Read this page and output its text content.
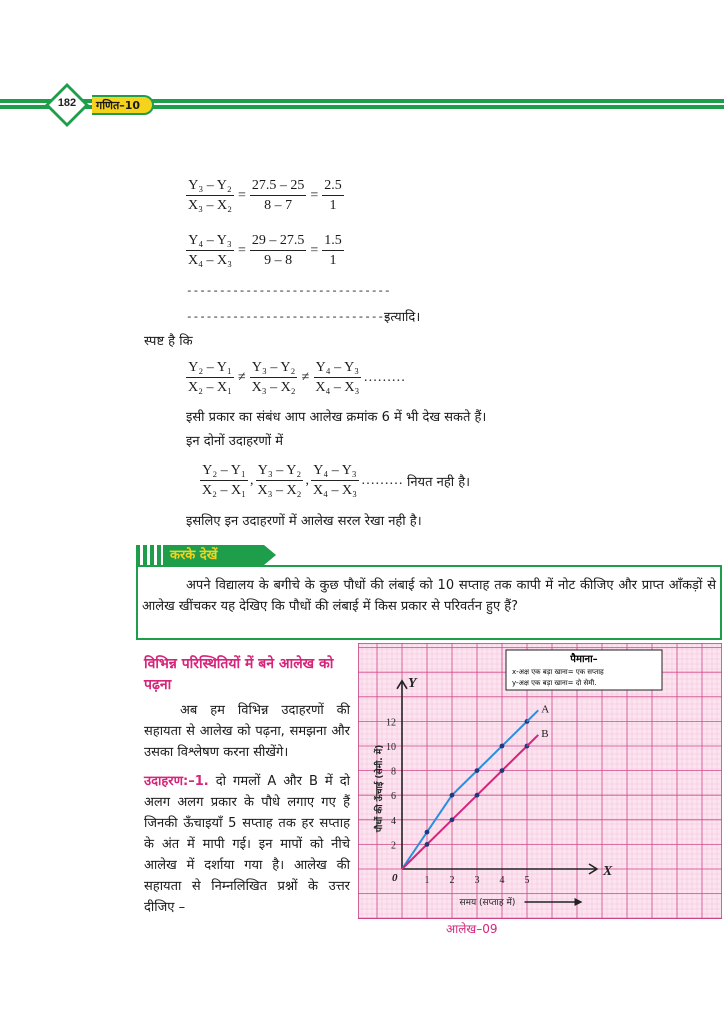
182	गणित–10
$\frac{\text{Y₃ – Y₂}}{\text{X₃ – X₂}} = \frac{27.5 - 25}{8 - 7} = \frac{2.5}{1}$
$\frac{\text{Y₄ – Y₃}}{\text{X₄ – X₃}} = \frac{29 - 27.5}{9 - 8} = \frac{1.5}{1}$
-------------------------------
-------------------------------
इत्यादि।
स्पष्ट है कि
$\frac{\text{Y₂ – Y₁}}{\text{X₂ – X₁}} \ne \frac{\text{Y₃ – Y₂}}{\text{X₃ – X₂}} \ne \frac{\text{Y₄ – Y₃}}{\text{X₄ – X₃}}$ ………
इसी प्रकार का संबंध आप आलेख क्रमांक 6 में भी देख सकते हैं।
इन दोनों उदाहरणों में
$\frac{\text{Y₂ – Y₁}}{\text{X₂ – X₁}}$ , $\frac{\text{Y₃ – Y₂}}{\text{X₃ – X₂}}$ , $\frac{\text{Y₄ – Y₃}}{\text{X₄ – X₃}}$ ……… नियत नही है।
इसलिए इन उदाहरणों में आलेख सरल रेखा नही है।
करके देखें
अपने विद्यालय के बगीचे के कुछ पौधों की लंबाई को 10 सप्ताह तक कापी में नोट कीजिए और प्राप्त आँकड़ों से आलेख खींचकर यह देखिए कि पौधों की लंबाई में किस प्रकार से परिवर्तन हुए हैं?
विभिन्न परिस्थितियों में बने आलेख को पढ़ना
अब हम विभिन्न उदाहरणों की सहायता से आलेख को पढ़ना, समझना और उसका विश्लेषण करना सीखेंगे।
उदाहरण:–1. दो गमलों A और B में दो अलग अलग प्रकार के पौधे लगाए गए हैं जिनकी ऊँचाइयाँ 5 सप्ताह तक हर सप्ताह के अंत में मापी गई। इन मापों को नीचे आलेख में दर्शाया गया है। आलेख की सहायता से निम्नलिखित प्रश्नों के उत्तर दीजिए –
1 2 3 4 5
2
4
6
8
10
12
0	X
Y
समय (सप्ताह में)
पौधों की ऊँचाई (सेमी. में)
A
B
पैमाना–
x-अक्ष एक बड़ा खाना= एक सप्ताह
y-अक्ष एक बड़ा खाना= दो सेमी.
आलेख–09
